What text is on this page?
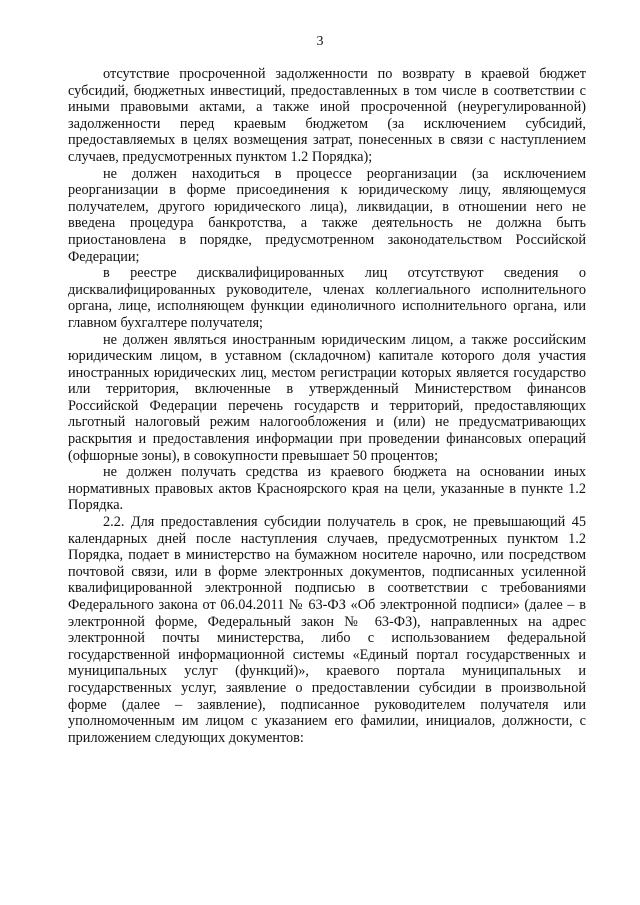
3

отсутствие просроченной задолженности по возврату в краевой бюджет субсидий, бюджетных инвестиций, предоставленных в том числе в соответствии с иными правовыми актами, а также иной просроченной (неурегулированной) задолженности перед краевым бюджетом (за исключением субсидий, предоставляемых в целях возмещения затрат, понесенных в связи с наступлением случаев, предусмотренных пунктом 1.2 Порядка);

не должен находиться в процессе реорганизации (за исключением реорганизации в форме присоединения к юридическому лицу, являющемуся получателем, другого юридического лица), ликвидации, в отношении него не введена процедура банкротства, а также деятельность не должна быть приостановлена в порядке, предусмотренном законодательством Российской Федерации;

в реестре дисквалифицированных лиц отсутствуют сведения о дисквалифицированных руководителе, членах коллегиального исполнительного органа, лице, исполняющем функции единоличного исполнительного органа, или главном бухгалтере получателя;

не должен являться иностранным юридическим лицом, а также российским юридическим лицом, в уставном (складочном) капитале которого доля участия иностранных юридических лиц, местом регистрации которых является государство или территория, включенные в утвержденный Министерством финансов Российской Федерации перечень государств и территорий, предоставляющих льготный налоговый режим налогообложения и (или) не предусматривающих раскрытия и предоставления информации при проведении финансовых операций (офшорные зоны), в совокупности превышает 50 процентов;

не должен получать средства из краевого бюджета на основании иных нормативных правовых актов Красноярского края на цели, указанные в пункте 1.2 Порядка.

2.2. Для предоставления субсидии получатель в срок, не превышающий 45 календарных дней после наступления случаев, предусмотренных пунктом 1.2 Порядка, подает в министерство на бумажном носителе нарочно, или посредством почтовой связи, или в форме электронных документов, подписанных усиленной квалифицированной электронной подписью в соответствии с требованиями Федерального закона от 06.04.2011 № 63-ФЗ «Об электронной подписи» (далее – в электронной форме, Федеральный закон № 63-ФЗ), направленных на адрес электронной почты министерства, либо с использованием федеральной государственной информационной системы «Единый портал государственных и муниципальных услуг (функций)», краевого портала муниципальных и государственных услуг, заявление о предоставлении субсидии в произвольной форме (далее – заявление), подписанное руководителем получателя или уполномоченным им лицом с указанием его фамилии, инициалов, должности, с приложением следующих документов:
